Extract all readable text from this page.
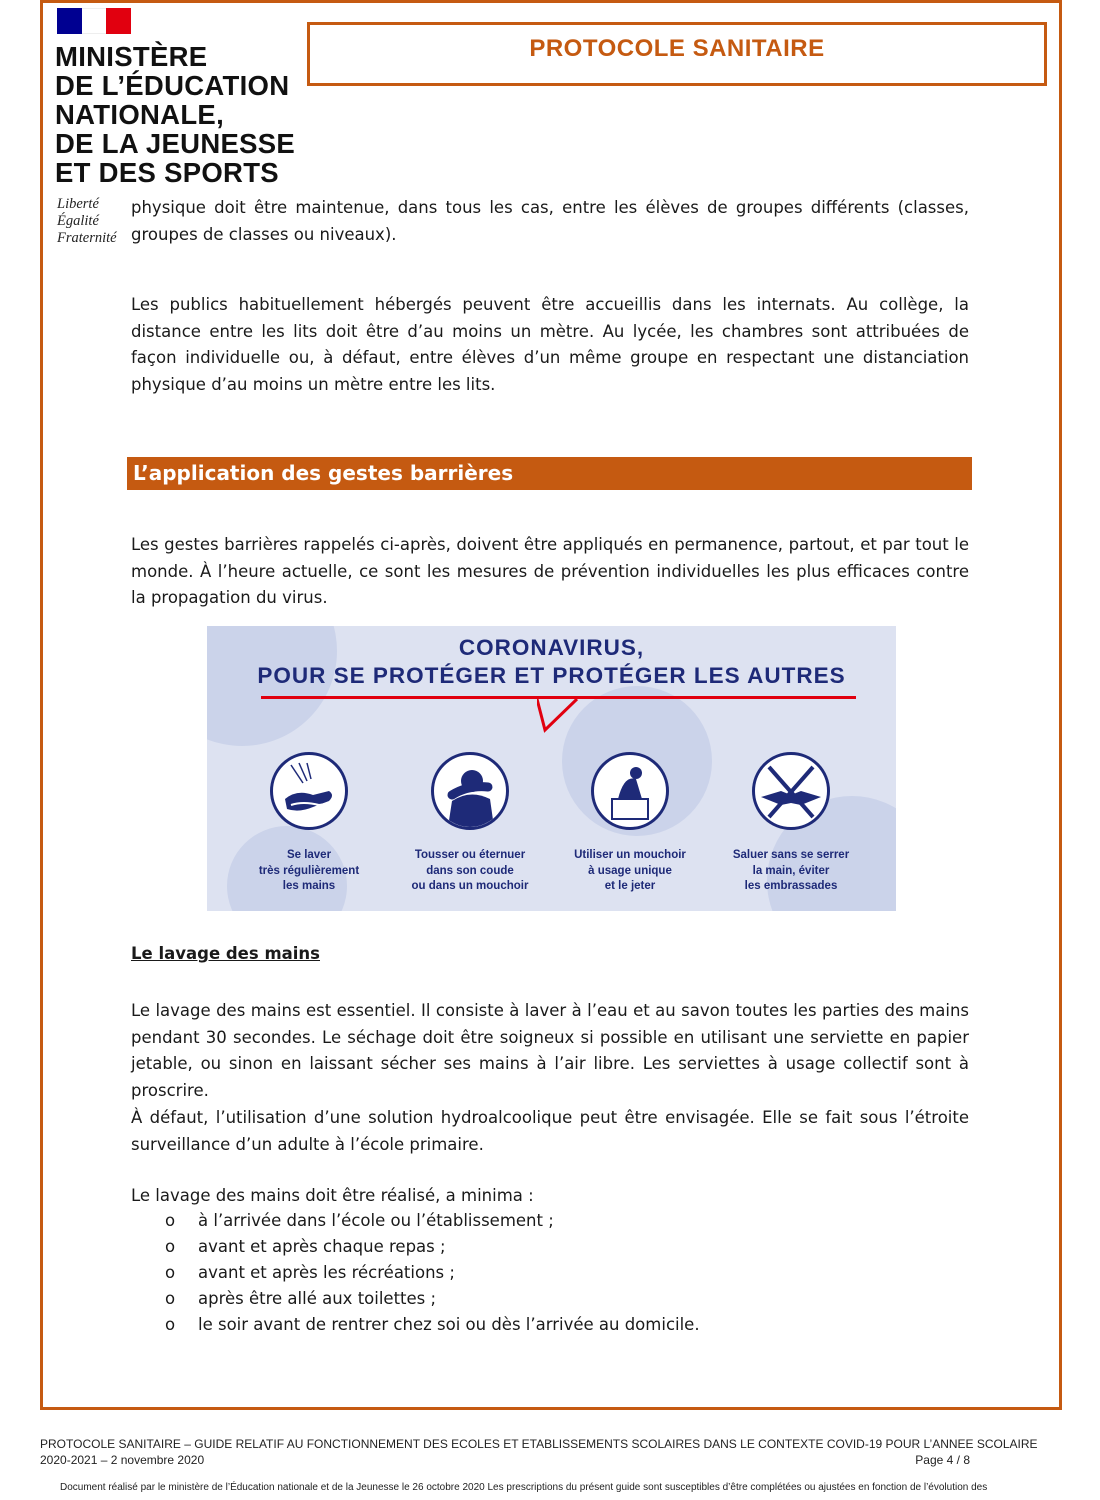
MINISTÈRE
DE L’ÉDUCATION
NATIONALE,
DE LA JEUNESSE
ET DES SPORTS
Liberté
Égalité
Fraternité
PROTOCOLE SANITAIRE
physique doit être maintenue, dans tous les cas, entre les élèves de groupes différents (classes, groupes de classes ou niveaux).
Les publics habituellement hébergés peuvent être accueillis dans les internats. Au collège, la distance entre les lits doit être d’au moins un mètre. Au lycée, les chambres sont attribuées de façon individuelle ou, à défaut, entre élèves d’un même groupe en respectant une distanciation physique d’au moins un mètre entre les lits.
L’application des gestes barrières
Les gestes barrières rappelés ci-après, doivent être appliqués en permanence, partout, et par tout le monde. À l’heure actuelle, ce sont les mesures de prévention individuelles les plus efficaces contre la propagation du virus.
CORONAVIRUS,
POUR SE PROTÉGER ET PROTÉGER LES AUTRES
Se laver
très régulièrement
les mains
Tousser ou éternuer
dans son coude
ou dans un mouchoir
Utiliser un mouchoir
à usage unique
et le jeter
Saluer sans se serrer
la main, éviter
les embrassades
Le lavage des mains
Le lavage des mains est essentiel. Il consiste à laver à l’eau et au savon toutes les parties des mains pendant 30 secondes. Le séchage doit être soigneux si possible en utilisant une serviette en papier jetable, ou sinon en laissant sécher ses mains à l’air libre. Les serviettes à usage collectif sont à proscrire.
À défaut, l’utilisation d’une solution hydroalcoolique peut être envisagée. Elle se fait sous l’étroite surveillance d’un adulte à l’école primaire.
Le lavage des mains doit être réalisé, a minima :
o à l’arrivée dans l’école ou l’établissement ;
o avant et après chaque repas ;
o avant et après les récréations ;
o après être allé aux toilettes ;
o le soir avant de rentrer chez soi ou dès l’arrivée au domicile.
PROTOCOLE SANITAIRE – GUIDE RELATIF AU FONCTIONNEMENT DES ECOLES ET ETABLISSEMENTS SCOLAIRES DANS LE CONTEXTE COVID-19 POUR L’ANNEE SCOLAIRE
2020-2021 – 2 novembre 2020	Page 4 / 8
Document réalisé par le ministère de l’Éducation nationale et de la Jeunesse le 26 octobre 2020 Les prescriptions du présent guide sont susceptibles d’être complétées ou ajustées en fonction de l’évolution des
